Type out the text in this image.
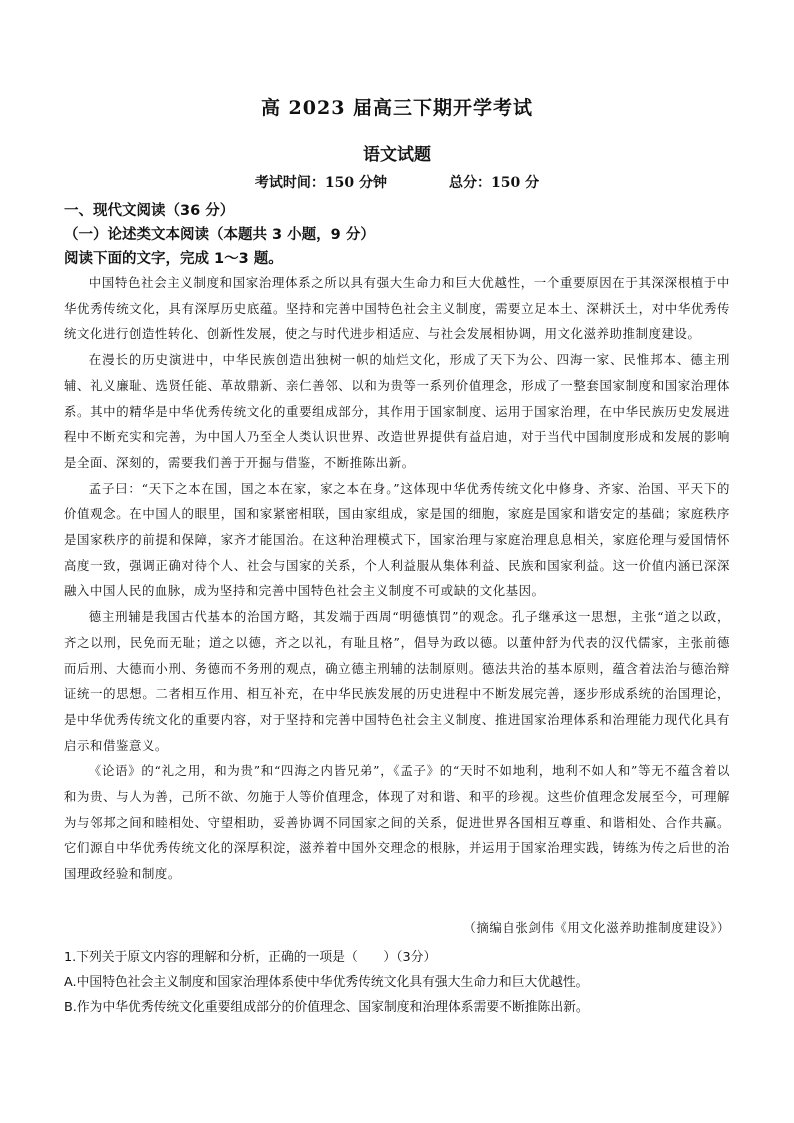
高 2023 届高三下期开学考试
语文试题
考试时间：150 分钟	总分：150 分
一、现代文阅读（36 分）
（一）论述类文本阅读（本题共 3 小题，9 分）
阅读下面的文字，完成 1～3 题。

中国特色社会主义制度和国家治理体系之所以具有强大生命力和巨大优越性，一个重要原因在于其深深根植于中华优秀传统文化，具有深厚历史底蕴。坚持和完善中国特色社会主义制度，需要立足本土、深耕沃土，对中华优秀传统文化进行创造性转化、创新性发展，使之与时代进步相适应、与社会发展相协调，用文化滋养助推制度建设。

在漫长的历史演进中，中华民族创造出独树一帜的灿烂文化，形成了天下为公、四海一家、民惟邦本、德主刑辅、礼义廉耻、选贤任能、革故鼎新、亲仁善邻、以和为贵等一系列价值理念，形成了一整套国家制度和国家治理体系。其中的精华是中华优秀传统文化的重要组成部分，其作用于国家制度、运用于国家治理，在中华民族历史发展进程中不断充实和完善，为中国人乃至全人类认识世界、改造世界提供有益启迪，对于当代中国制度形成和发展的影响是全面、深刻的，需要我们善于开掘与借鉴，不断推陈出新。

孟子曰：“天下之本在国，国之本在家，家之本在身。”这体现中华优秀传统文化中修身、齐家、治国、平天下的价值观念。在中国人的眼里，国和家紧密相联，国由家组成，家是国的细胞，家庭是国家和谐安定的基础；家庭秩序是国家秩序的前提和保障，家齐才能国治。在这种治理模式下，国家治理与家庭治理息息相关，家庭伦理与爱国情怀高度一致，强调正确对待个人、社会与国家的关系，个人利益服从集体利益、民族和国家利益。这一价值内涵已深深融入中国人民的血脉，成为坚持和完善中国特色社会主义制度不可或缺的文化基因。

德主刑辅是我国古代基本的治国方略，其发端于西周“明德慎罚”的观念。孔子继承这一思想，主张“道之以政，齐之以刑，民免而无耻；道之以德，齐之以礼，有耻且格”，倡导为政以德。以董仲舒为代表的汉代儒家，主张前德而后刑、大德而小刑、务德而不务刑的观点，确立德主刑辅的法制原则。德法共治的基本原则，蕴含着法治与德治辩证统一的思想。二者相互作用、相互补充，在中华民族发展的历史进程中不断发展完善，逐步形成系统的治国理论，是中华优秀传统文化的重要内容，对于坚持和完善中国特色社会主义制度、推进国家治理体系和治理能力现代化具有启示和借鉴意义。

《论语》的“礼之用，和为贵”和“四海之内皆兄弟”，《孟子》的“天时不如地利，地利不如人和”等无不蕴含着以和为贵、与人为善，己所不欲、勿施于人等价值理念，体现了对和谐、和平的珍视。这些价值理念发展至今，可理解为与邻邦之间和睦相处、守望相助，妥善协调不同国家之间的关系，促进世界各国相互尊重、和谐相处、合作共赢。它们源自中华优秀传统文化的深厚积淀，滋养着中国外交理念的根脉，并运用于国家治理实践，铸练为传之后世的治国理政经验和制度。

（摘编自张剑伟《用文化滋养助推制度建设》）
1.下列关于原文内容的理解和分析，正确的一项是（　　）（3分）
A.中国特色社会主义制度和国家治理体系使中华优秀传统文化具有强大生命力和巨大优越性。
B.作为中华优秀传统文化重要组成部分的价值理念、国家制度和治理体系需要不断推陈出新。
